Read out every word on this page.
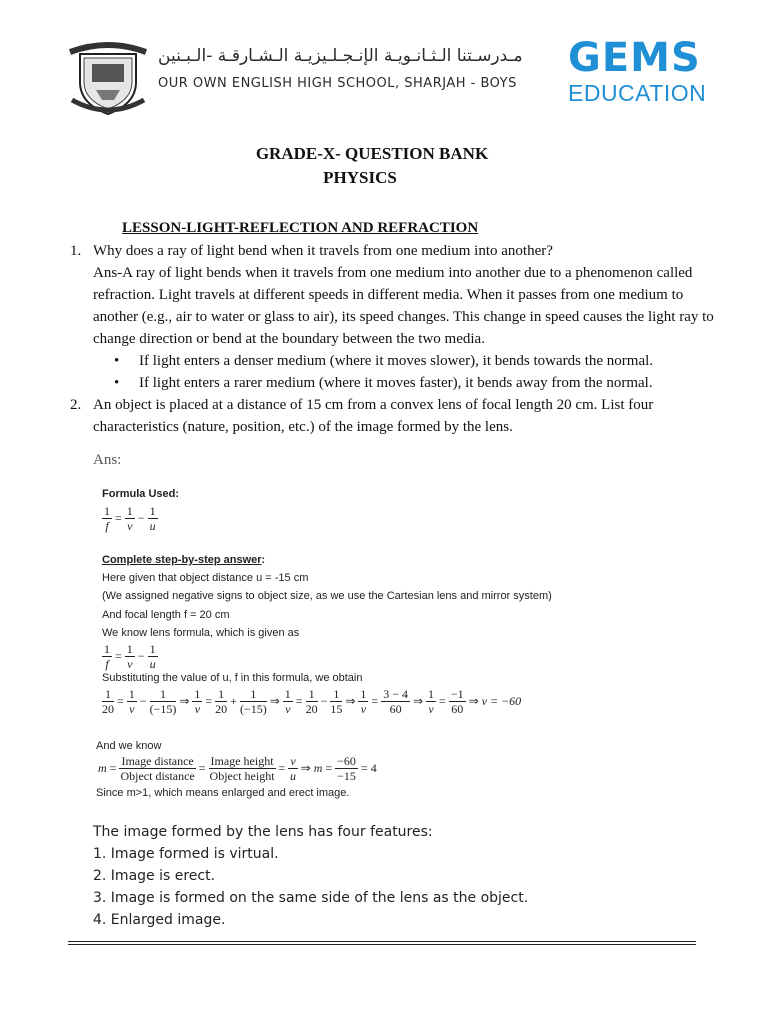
مـدرسـتنا الـثـانـويـة الإنـجـلـيزيـة الـشـارقـة -الـبـنين
OUR OWN ENGLISH HIGH SCHOOL, SHARJAH - BOYS
GEMS
EDUCATION
GRADE-X- QUESTION BANK
PHYSICS
LESSON-LIGHT-REFLECTION AND REFRACTION
1. Why does a ray of light bend when it travels from one medium into another?
Ans-A ray of light bends when it travels from one medium into another due to a phenomenon called refraction. Light travels at different speeds in different media. When it passes from one medium to another (e.g., air to water or glass to air), its speed changes. This change in speed causes the light ray to change direction or bend at the boundary between the two media.
• If light enters a denser medium (where it moves slower), it bends towards the normal.
• If light enters a rarer medium (where it moves faster), it bends away from the normal.
2. An object is placed at a distance of 15 cm from a convex lens of focal length 20 cm. List four characteristics (nature, position, etc.) of the image formed by the lens.
Ans:
Formula Used:
$\frac{1}{f} = \frac{1}{v} - \frac{1}{u}$
Complete step-by-step answer:
Here given that object distance u = -15 cm
(We assigned negative signs to object size, as we use the Cartesian lens and mirror system)
And focal length f = 20 cm
We know lens formula, which is given as
$\frac{1}{f} = \frac{1}{v} - \frac{1}{u}$
Substituting the value of u, f in this formula, we obtain
$\frac{1}{20} = \frac{1}{v} - \frac{1}{(-15)}$ ⇒ $\frac{1}{v} = \frac{1}{20} + \frac{1}{(-15)}$ ⇒ $\frac{1}{v} = \frac{1}{20} - \frac{1}{15}$ ⇒ $\frac{1}{v} = \frac{3 - 4}{60}$ ⇒ $\frac{1}{v} = \frac{-1}{60}$ ⇒ v = −60
And we know
$m = \frac{\text{Image distance}}{\text{Object distance}} = \frac{\text{Image height}}{\text{Object height}} = \frac{v}{u}$ ⇒ $m = \frac{-60}{-15} = 4$
Since m>1, which means enlarged and erect image.
The image formed by the lens has four features:
1. Image formed is virtual.
2. Image is erect.
3. Image is formed on the same side of the lens as the object.
4. Enlarged image.
